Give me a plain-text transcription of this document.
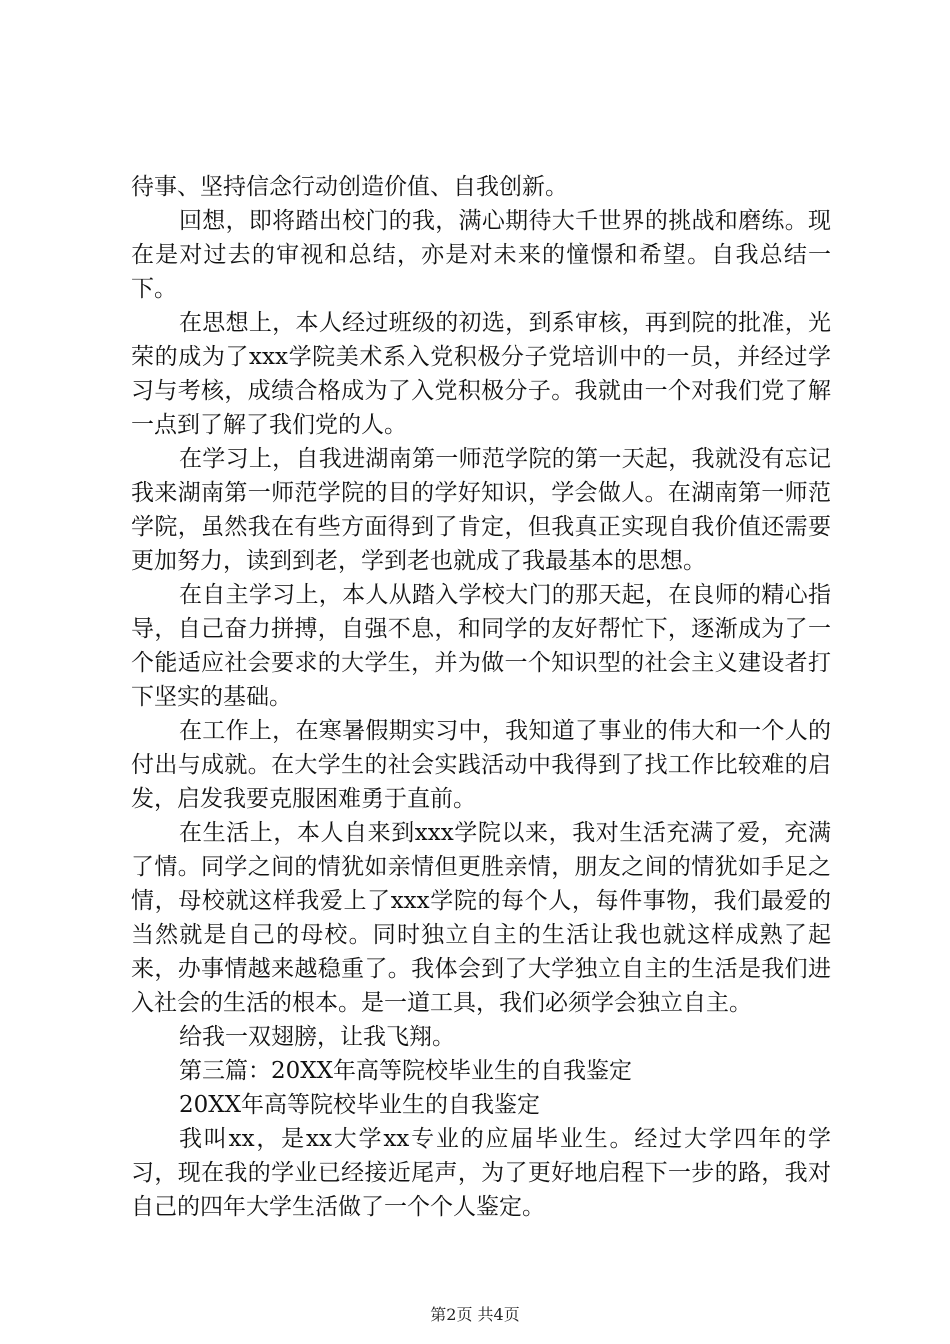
待事、坚持信念行动创造价值、自我创新。

回想，即将踏出校门的我，满心期待大千世界的挑战和磨练。现在是对过去的审视和总结，亦是对未来的憧憬和希望。自我总结一下。

在思想上，本人经过班级的初选，到系审核，再到院的批准，光荣的成为了xxx学院美术系入党积极分子党培训中的一员，并经过学习与考核，成绩合格成为了入党积极分子。我就由一个对我们党了解一点到了解了我们党的人。

在学习上，自我进湖南第一师范学院的第一天起，我就没有忘记我来湖南第一师范学院的目的学好知识，学会做人。在湖南第一师范学院，虽然我在有些方面得到了肯定，但我真正实现自我价值还需要更加努力，读到到老，学到老也就成了我最基本的思想。

在自主学习上，本人从踏入学校大门的那天起，在良师的精心指导，自己奋力拼搏，自强不息，和同学的友好帮忙下，逐渐成为了一个能适应社会要求的大学生，并为做一个知识型的社会主义建设者打下坚实的基础。

在工作上，在寒暑假期实习中，我知道了事业的伟大和一个人的付出与成就。在大学生的社会实践活动中我得到了找工作比较难的启发，启发我要克服困难勇于直前。

在生活上，本人自来到xxx学院以来，我对生活充满了爱，充满了情。同学之间的情犹如亲情但更胜亲情，朋友之间的情犹如手足之情，母校就这样我爱上了xxx学院的每个人，每件事物，我们最爱的当然就是自己的母校。同时独立自主的生活让我也就这样成熟了起来，办事情越来越稳重了。我体会到了大学独立自主的生活是我们进入社会的生活的根本。是一道工具，我们必须学会独立自主。

给我一双翅膀，让我飞翔。

第三篇：20XX年高等院校毕业生的自我鉴定

20XX年高等院校毕业生的自我鉴定

我叫xx，是xx大学xx专业的应届毕业生。经过大学四年的学习，现在我的学业已经接近尾声，为了更好地启程下一步的路，我对自己的四年大学生活做了一个个人鉴定。

第2页 共4页
